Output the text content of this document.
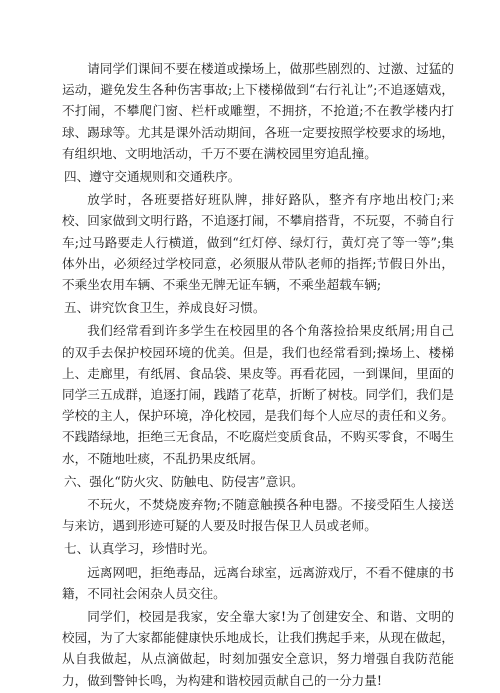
请同学们课间不要在楼道或操场上，做那些剧烈的、过激、过猛的运动，避免发生各种伤害事故;上下楼梯做到“右行礼让”;不追逐嬉戏，不打闹，不攀爬门窗、栏杆或雕塑，不拥挤，不抢道;不在教学楼内打球、踢球等。尤其是课外活动期间，各班一定要按照学校要求的场地，有组织地、文明地活动，千万不要在满校园里穷追乱撞。

四、遵守交通规则和交通秩序。

放学时，各班要搭好班队牌，排好路队，整齐有序地出校门;来校、回家做到文明行路，不追逐打闹，不攀肩搭背，不玩耍，不骑自行车;过马路要走人行横道，做到“红灯停、绿灯行，黄灯亮了等一等”;集体外出，必须经过学校同意，必须服从带队老师的指挥;节假日外出，不乘坐农用车辆、不乘坐无牌无证车辆，不乘坐超载车辆;

五、讲究饮食卫生，养成良好习惯。

我们经常看到许多学生在校园里的各个角落捡拾果皮纸屑;用自己的双手去保护校园环境的优美。但是，我们也经常看到;操场上、楼梯上、走廊里，有纸屑、食品袋、果皮等。再看花园，一到课间，里面的同学三五成群，追逐打闹，践踏了花草，折断了树枝。同学们，我们是学校的主人，保护环境，净化校园，是我们每个人应尽的责任和义务。不践踏绿地，拒绝三无食品，不吃腐烂变质食品，不购买零食，不喝生水，不随地吐痰，不乱扔果皮纸屑。

六、强化“防火灾、防触电、防侵害”意识。

不玩火，不焚烧废弃物;不随意触摸各种电器。不接受陌生人接送与来访，遇到形迹可疑的人要及时报告保卫人员或老师。

七、认真学习，珍惜时光。

远离网吧，拒绝毒品，远离台球室，远离游戏厅，不看不健康的书籍，不同社会闲杂人员交往。

同学们，校园是我家，安全靠大家!为了创建安全、和谐、文明的校园，为了大家都能健康快乐地成长，让我们携起手来，从现在做起，从自我做起，从点滴做起，时刻加强安全意识，努力增强自我防范能力，做到警钟长鸣，为构建和谐校园贡献自己的一分力量!
